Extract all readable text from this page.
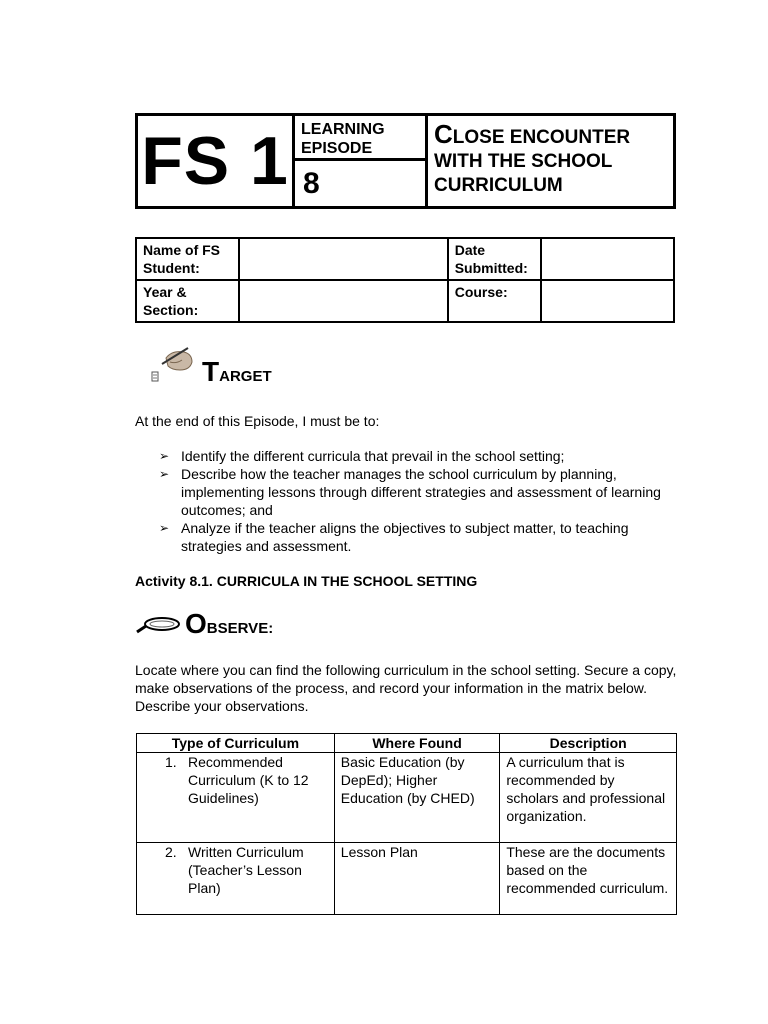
FS 1 LEARNING EPISODE
8
CLOSE ENCOUNTER
WITH THE SCHOOL
CURRICULUM
Name of FS Student:		Date Submitted:	
Year & Section:		Course:	
TARGET
At the end of this Episode, I must be to:
➢ Identify the different curricula that prevail in the school setting;
➢ Describe how the teacher manages the school curriculum by planning, implementing lessons through different strategies and assessment of learning outcomes; and
➢ Analyze if the teacher aligns the objectives to subject matter, to teaching strategies and assessment.
Activity 8.1. CURRICULA IN THE SCHOOL SETTING
OBSERVE:
Locate where you can find the following curriculum in the school setting. Secure a copy, make observations of the process, and record your information in the matrix below. Describe your observations.
Type of Curriculum	Where Found	Description

1. Recommended Curriculum (K to 12 Guidelines)	Basic Education (by DepEd); Higher Education (by CHED)	A curriculum that is recommended by scholars and professional organization.

2. Written Curriculum (Teacher’s Lesson Plan)	Lesson Plan	These are the documents based on the recommended curriculum.
